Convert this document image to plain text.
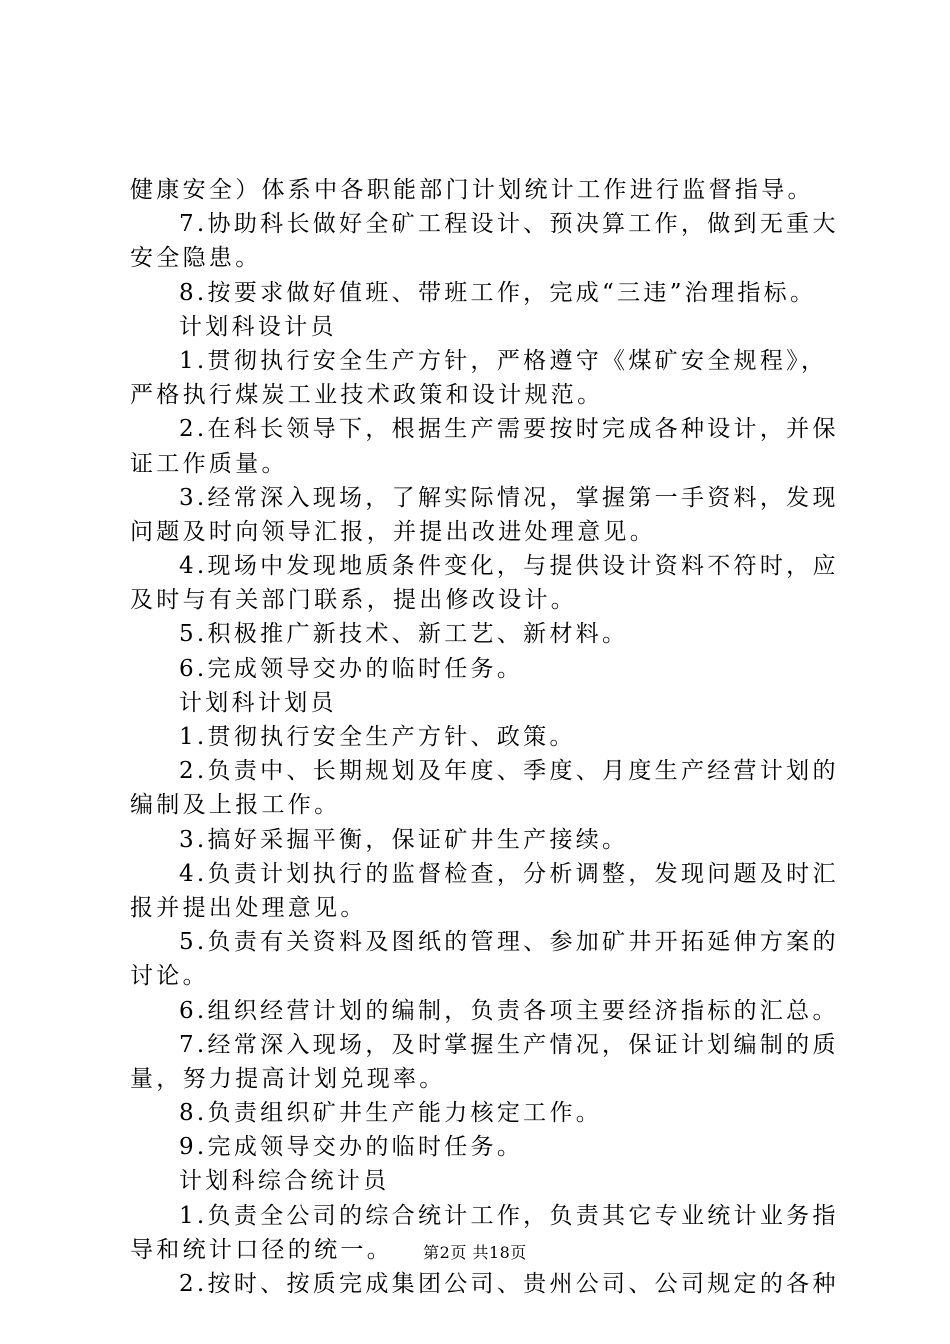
健康安全）体系中各职能部门计划统计工作进行监督指导。
7.协助科长做好全矿工程设计、预决算工作，做到无重大
安全隐患。
8.按要求做好值班、带班工作，完成“三违”治理指标。
计划科设计员
1.贯彻执行安全生产方针，严格遵守《煤矿安全规程》，
严格执行煤炭工业技术政策和设计规范。
2.在科长领导下，根据生产需要按时完成各种设计，并保
证工作质量。
3.经常深入现场，了解实际情况，掌握第一手资料，发现
问题及时向领导汇报，并提出改进处理意见。
4.现场中发现地质条件变化，与提供设计资料不符时，应
及时与有关部门联系，提出修改设计。
5.积极推广新技术、新工艺、新材料。
6.完成领导交办的临时任务。
计划科计划员
1.贯彻执行安全生产方针、政策。
2.负责中、长期规划及年度、季度、月度生产经营计划的
编制及上报工作。
3.搞好采掘平衡，保证矿井生产接续。
4.负责计划执行的监督检查，分析调整，发现问题及时汇
报并提出处理意见。
5.负责有关资料及图纸的管理、参加矿井开拓延伸方案的
讨论。
6.组织经营计划的编制，负责各项主要经济指标的汇总。
7.经常深入现场，及时掌握生产情况，保证计划编制的质
量，努力提高计划兑现率。
8.负责组织矿井生产能力核定工作。
9.完成领导交办的临时任务。
计划科综合统计员
1.负责全公司的综合统计工作，负责其它专业统计业务指
导和统计口径的统一。
2.按时、按质完成集团公司、贵州公司、公司规定的各种
第2页 共18页
